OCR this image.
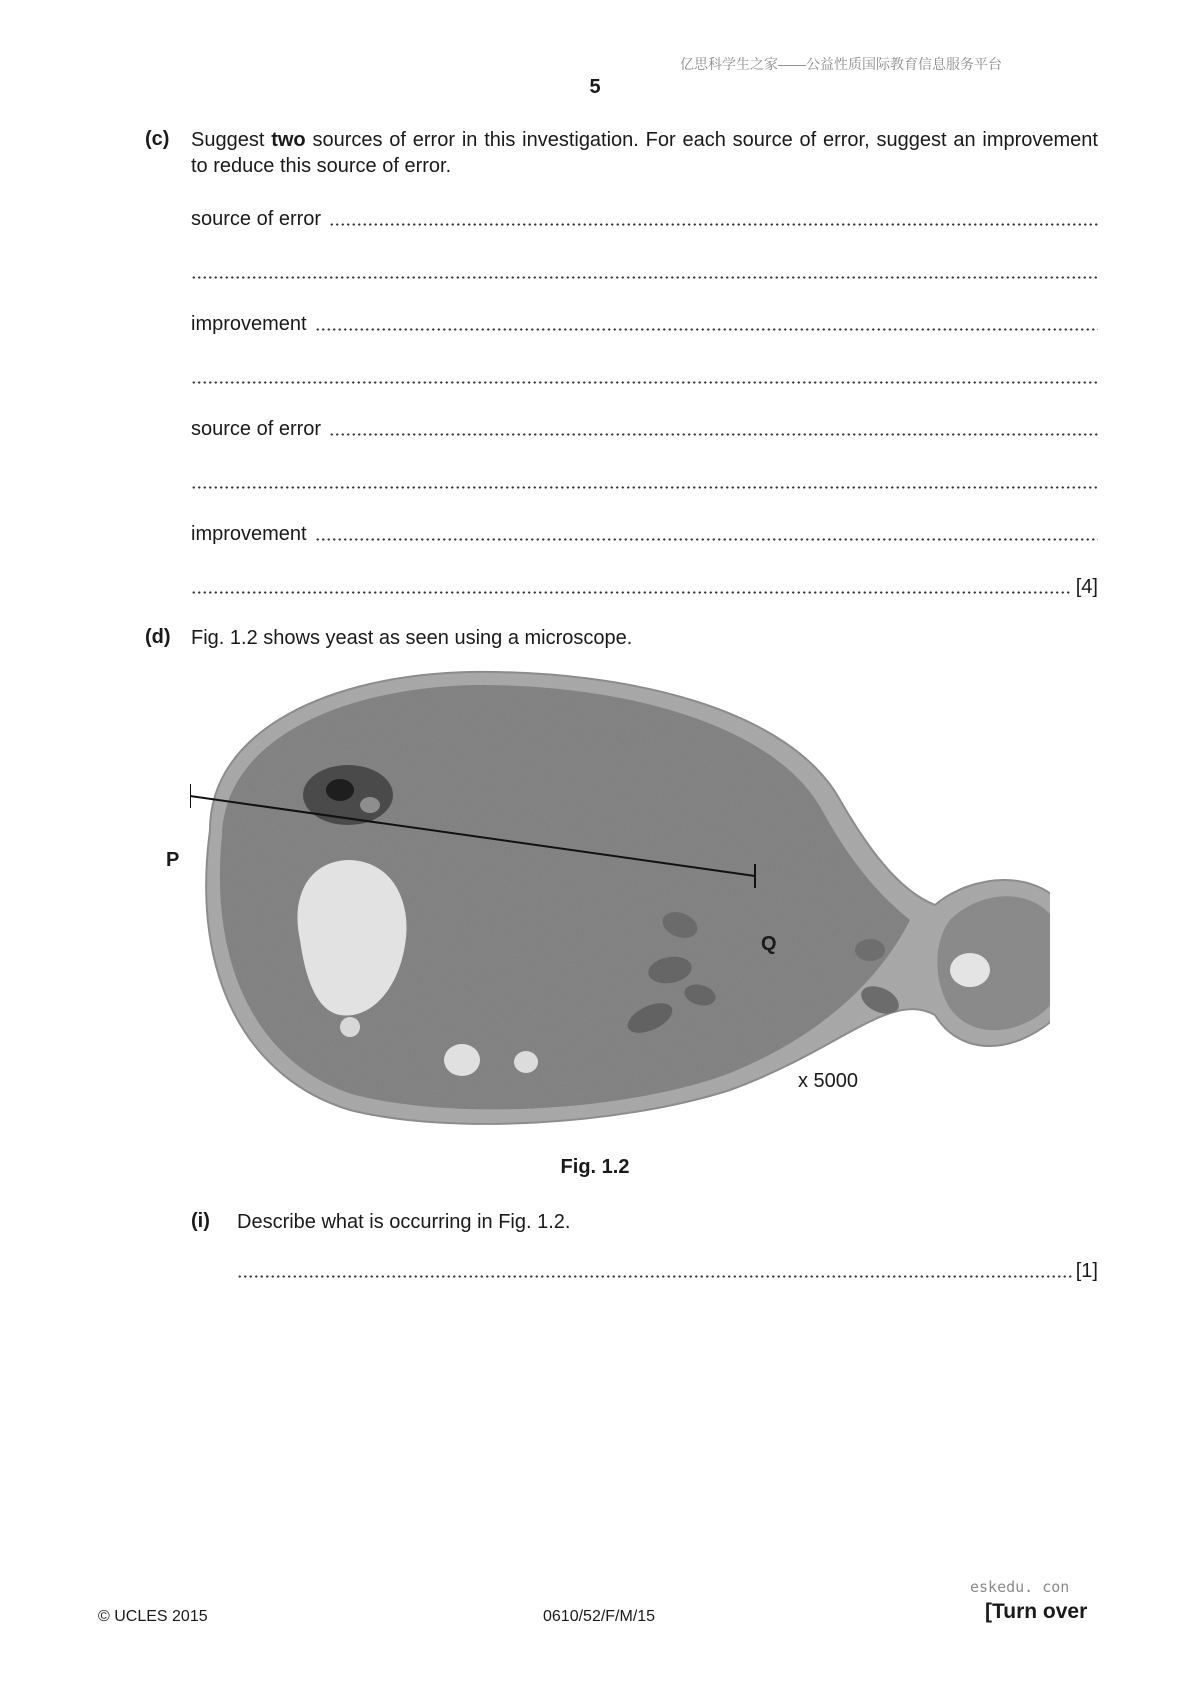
亿思科学生之家——公益性质国际教育信息服务平台
5
(c) Suggest two sources of error in this investigation. For each source of error, suggest an improvement to reduce this source of error.
source of error
improvement
source of error
improvement
[4]
(d) Fig. 1.2 shows yeast as seen using a microscope.
P
Q
x 5000
Fig. 1.2
(i) Describe what is occurring in Fig. 1.2.
[1]
© UCLES 2015	0610/52/F/M/15
eskedu. con
[Turn over
